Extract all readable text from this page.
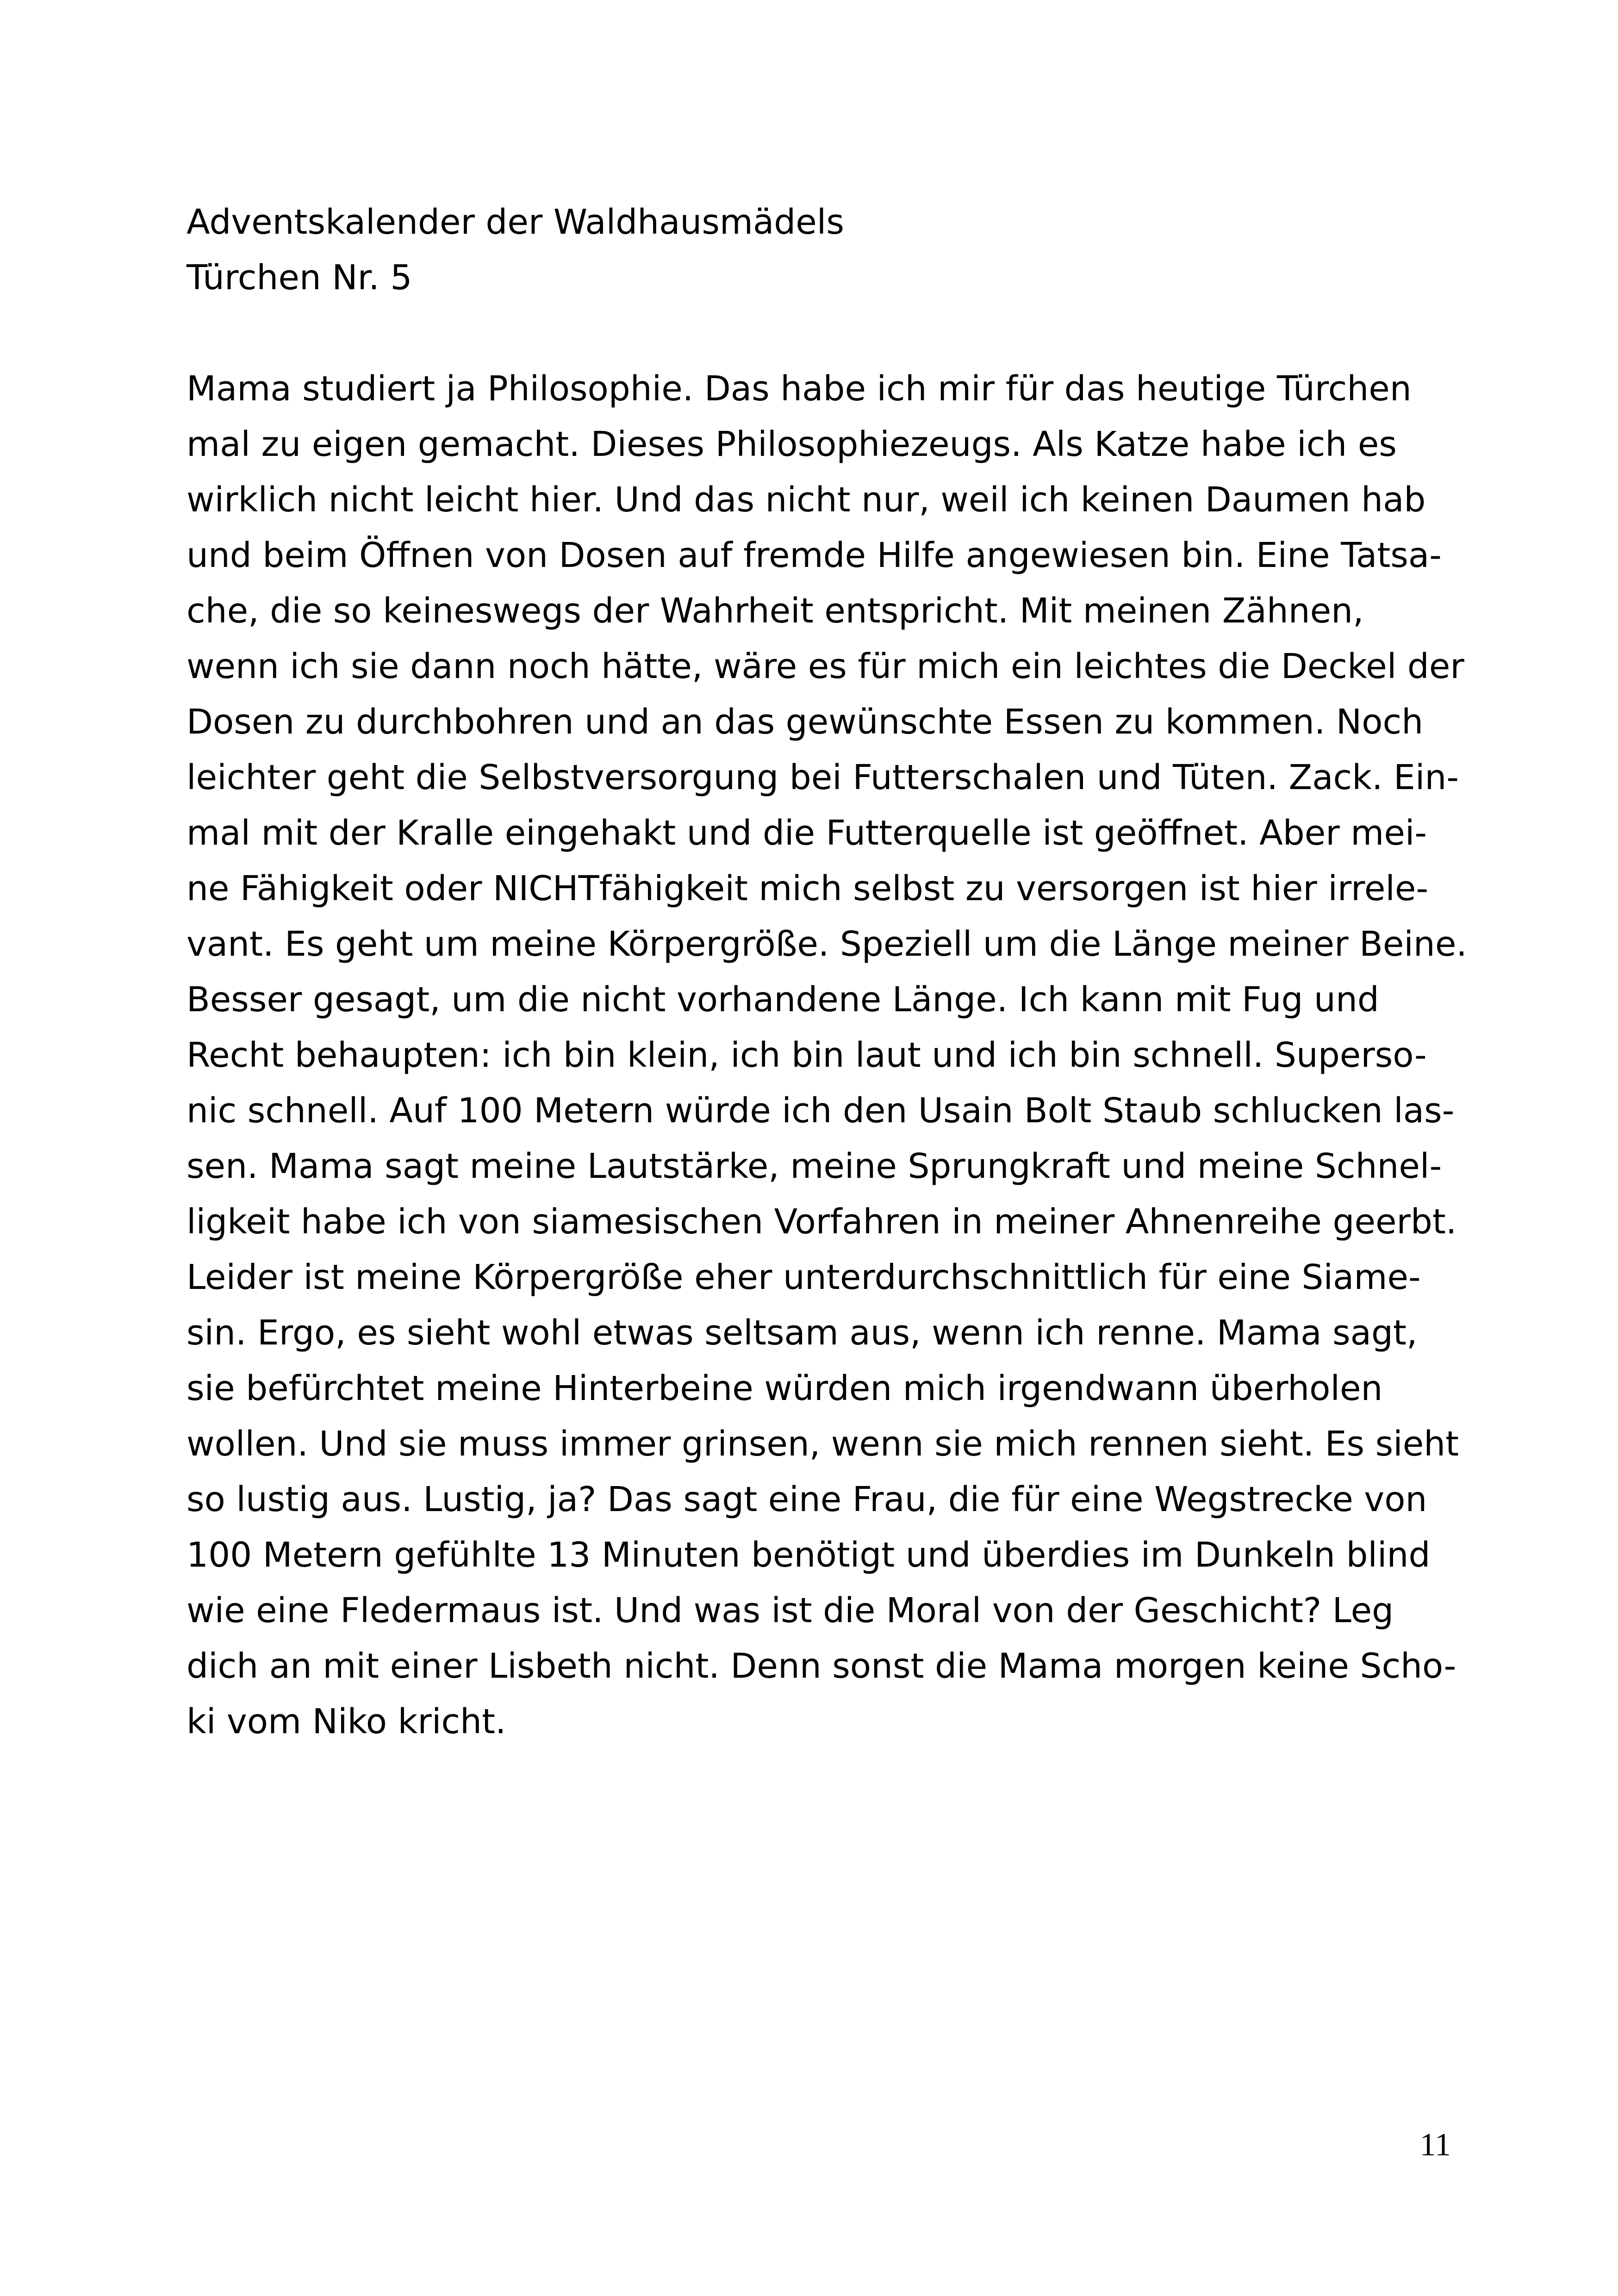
Adventskalender der Waldhausmädels
Türchen Nr. 5
Mama studiert ja Philosophie. Das habe ich mir für das heutige Türchen
mal zu eigen gemacht. Dieses Philosophiezeugs. Als Katze habe ich es
wirklich nicht leicht hier. Und das nicht nur, weil ich keinen Daumen hab
und beim Öffnen von Dosen auf fremde Hilfe angewiesen bin. Eine Tatsa-
che, die so keineswegs der Wahrheit entspricht. Mit meinen Zähnen,
wenn ich sie dann noch hätte, wäre es für mich ein leichtes die Deckel der
Dosen zu durchbohren und an das gewünschte Essen zu kommen. Noch
leichter geht die Selbstversorgung bei Futterschalen und Tüten. Zack. Ein-
mal mit der Kralle eingehakt und die Futterquelle ist geöffnet. Aber mei-
ne Fähigkeit oder NICHTfähigkeit mich selbst zu versorgen ist hier irrele-
vant. Es geht um meine Körpergröße. Speziell um die Länge meiner Beine.
Besser gesagt, um die nicht vorhandene Länge. Ich kann mit Fug und
Recht behaupten: ich bin klein, ich bin laut und ich bin schnell. Superso-
nic schnell. Auf 100 Metern würde ich den Usain Bolt Staub schlucken las-
sen. Mama sagt meine Lautstärke, meine Sprungkraft und meine Schnel-
ligkeit habe ich von siamesischen Vorfahren in meiner Ahnenreihe geerbt.
Leider ist meine Körpergröße eher unterdurchschnittlich für eine Siame-
sin. Ergo, es sieht wohl etwas seltsam aus, wenn ich renne. Mama sagt,
sie befürchtet meine Hinterbeine würden mich irgendwann überholen
wollen. Und sie muss immer grinsen, wenn sie mich rennen sieht. Es sieht
so lustig aus. Lustig, ja? Das sagt eine Frau, die für eine Wegstrecke von
100 Metern gefühlte 13 Minuten benötigt und überdies im Dunkeln blind
wie eine Fledermaus ist. Und was ist die Moral von der Geschicht? Leg
dich an mit einer Lisbeth nicht. Denn sonst die Mama morgen keine Scho-
ki vom Niko kricht.
11
